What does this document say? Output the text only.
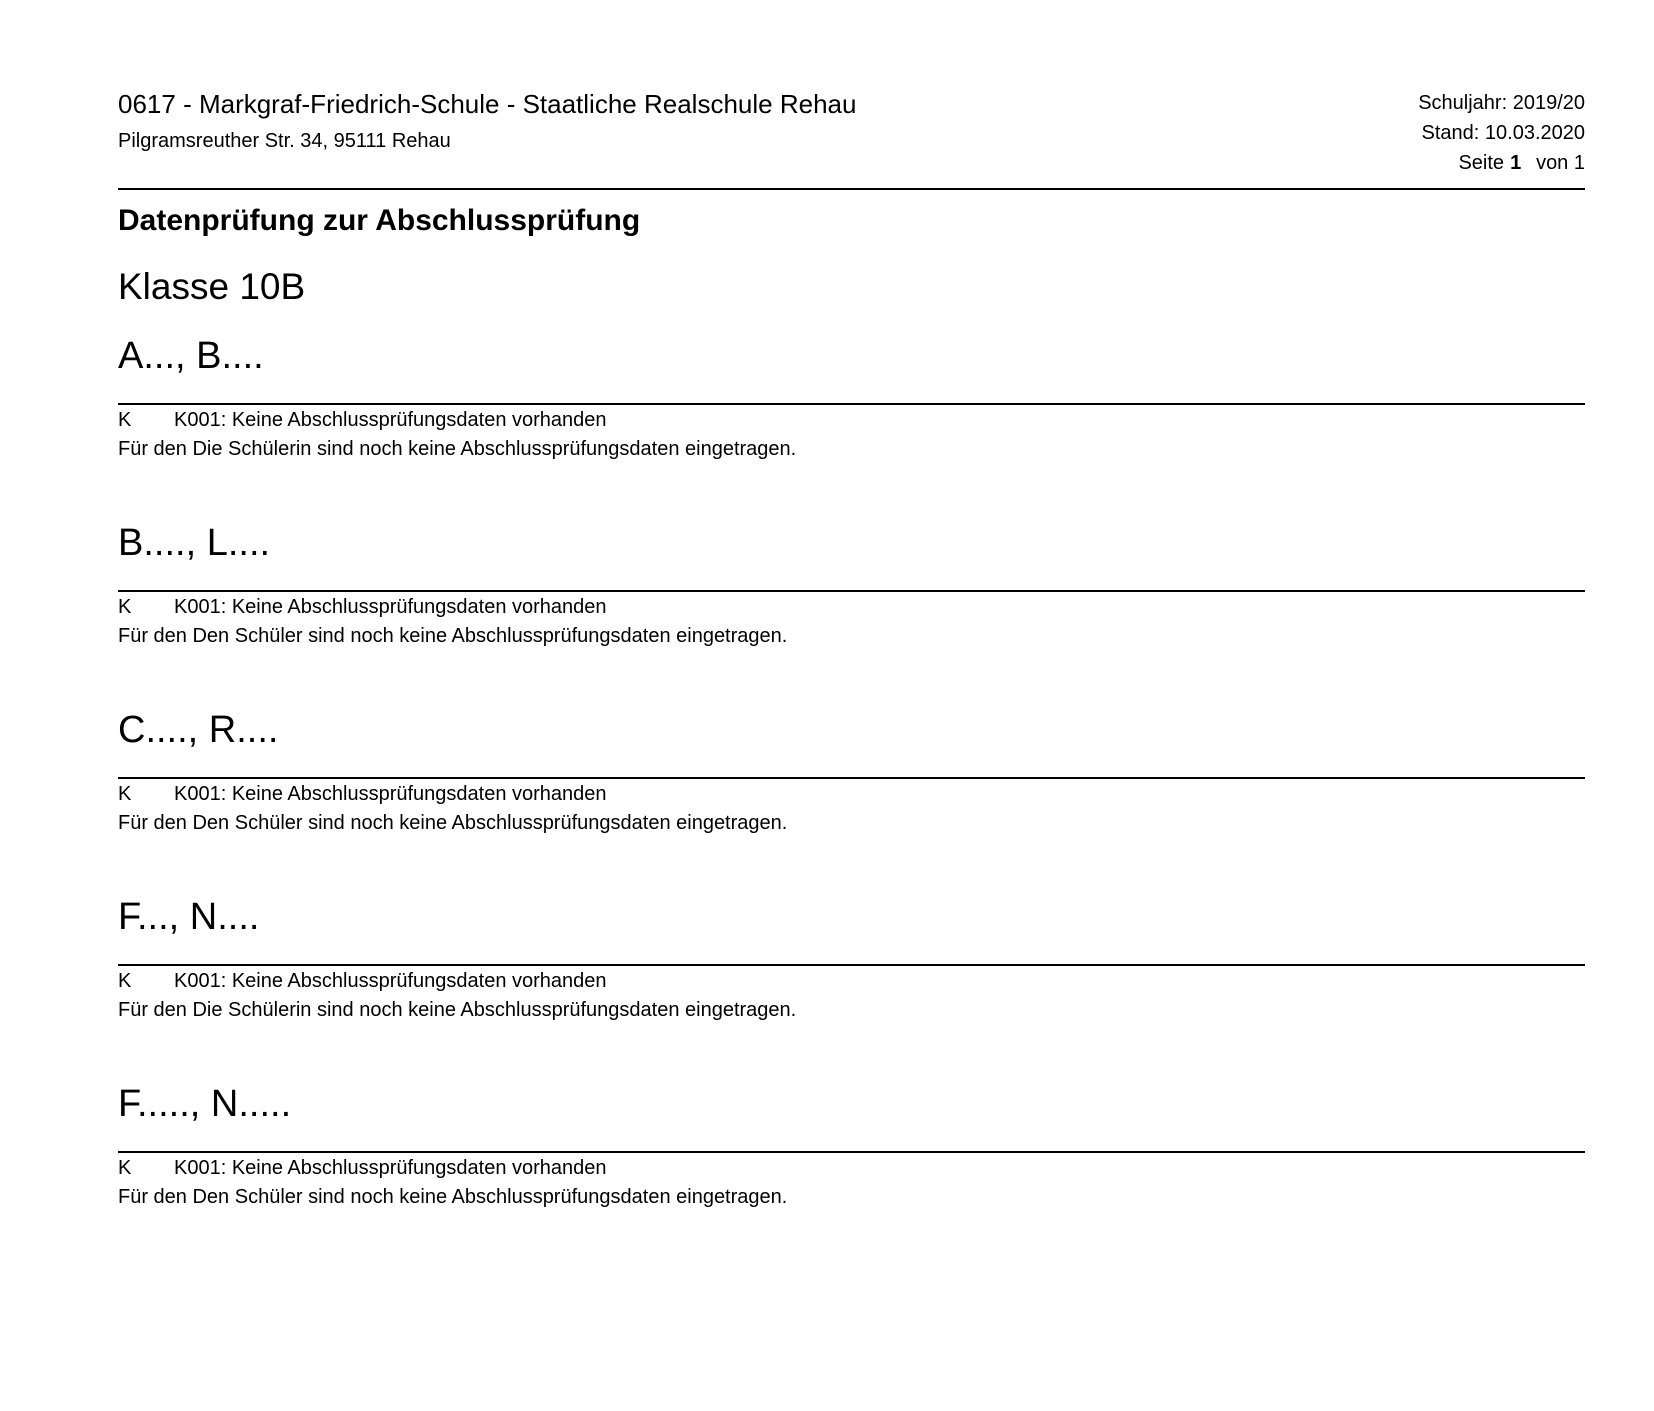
0617 - Markgraf-Friedrich-Schule - Staatliche Realschule Rehau
Pilgramsreuther Str. 34, 95111 Rehau
Schuljahr: 2019/20
Stand: 10.03.2020
Seite 1 von 1
Datenprüfung zur Abschlussprüfung
Klasse 10B
A..., B....
K K001: Keine Abschlussprüfungsdaten vorhanden
Für den Die Schülerin sind noch keine Abschlussprüfungsdaten eingetragen.
B...., L....
K K001: Keine Abschlussprüfungsdaten vorhanden
Für den Den Schüler sind noch keine Abschlussprüfungsdaten eingetragen.
C...., R....
K K001: Keine Abschlussprüfungsdaten vorhanden
Für den Den Schüler sind noch keine Abschlussprüfungsdaten eingetragen.
F..., N....
K K001: Keine Abschlussprüfungsdaten vorhanden
Für den Die Schülerin sind noch keine Abschlussprüfungsdaten eingetragen.
F....., N.....
K K001: Keine Abschlussprüfungsdaten vorhanden
Für den Den Schüler sind noch keine Abschlussprüfungsdaten eingetragen.
